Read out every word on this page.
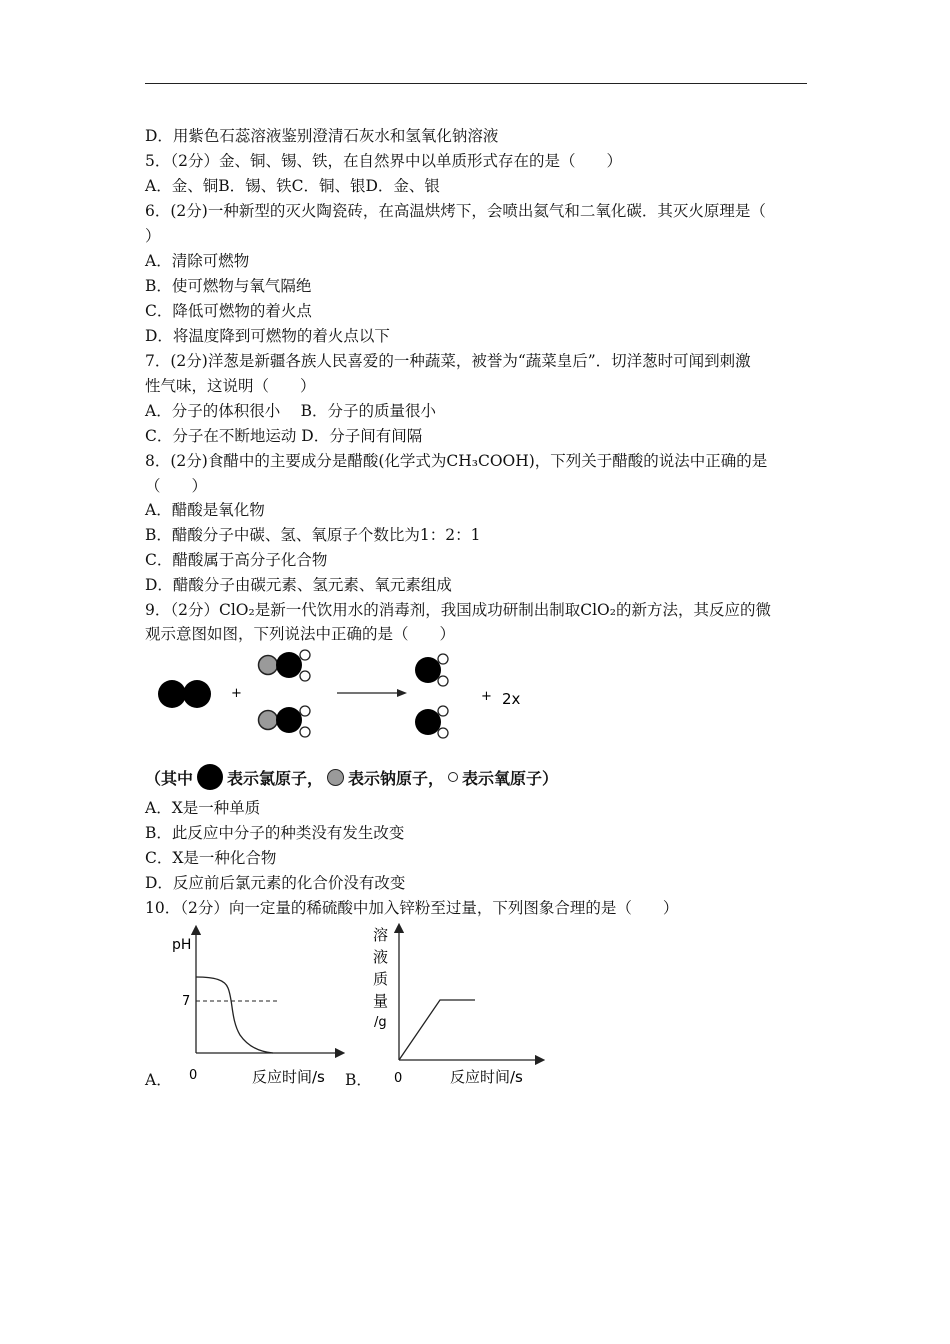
D．用紫色石蕊溶液鉴别澄清石灰水和氢氧化钠溶液
5．（2分）金、铜、锡、铁，在自然界中以单质形式存在的是（　　）
A．金、铜B．锡、铁C．铜、银D．金、银
6．(2分)一种新型的灭火陶瓷砖，在高温烘烤下，会喷出氦气和二氧化碳．其灭火原理是（
）
A．清除可燃物
B．使可燃物与氧气隔绝
C．降低可燃物的着火点
D．将温度降到可燃物的着火点以下
7．(2分)洋葱是新疆各族人民喜爱的一种蔬菜，被誉为“蔬菜皇后”．切洋葱时可闻到刺激
性气味，这说明（　　）
A．分子的体积很小　 B．分子的质量很小
C．分子在不断地运动 D．分子间有间隔
8．(2分)食醋中的主要成分是醋酸(化学式为CH₃COOH)，下列关于醋酸的说法中正确的是
（　　）
A．醋酸是氧化物
B．醋酸分子中碳、氢、氧原子个数比为1：2：1
C．醋酸属于高分子化合物
D．醋酸分子由碳元素、氢元素、氧元素组成
9．（2分）ClO₂是新一代饮用水的消毒剂，我国成功研制出制取ClO₂的新方法，其反应的微
观示意图如图，下列说法中正确的是（　　）
+	+ 2x
（其中 表示氯原子， 表示钠原子， 表示氧原子）
A．X是一种单质
B．此反应中分子的种类没有发生改变
C．X是一种化合物
D．反应前后氯元素的化合价没有改变
10．（2分）向一定量的稀硫酸中加入锌粉至过量，下列图象合理的是（　　）
A．
pH
7
0	反应时间/s B．
溶
液
质
量
/g
0	反应时间/s
